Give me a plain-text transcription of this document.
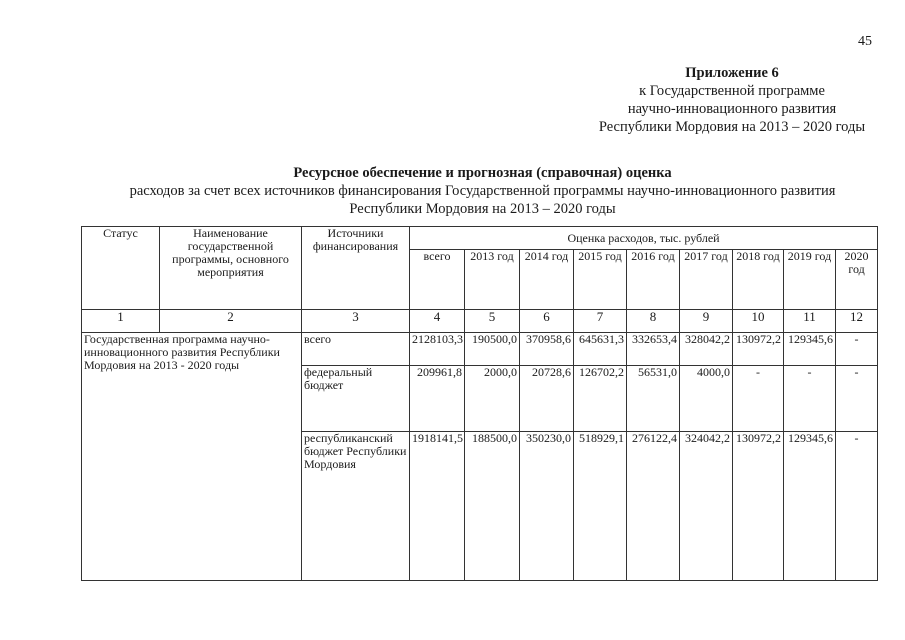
45
Приложение 6
к Государственной программе
научно-инновационного развития
Республики Мордовия на 2013 – 2020 годы
Ресурсное обеспечение и прогнозная (справочная) оценка
расходов за счет всех источников финансирования Государственной программы научно-инновационного развития
Республики Мордовия на 2013 – 2020 годы
Статус	Наименование государственной программы, основного мероприятия	Источники финансирования	Оценка расходов, тыс. рублей								
			всего	2013 год	2014 год	2015 год	2016 год	2017 год	2018 год	2019 год	2020 год
1	2	3	4	5	6	7	8	9	10	11	12
Государственная программа научно-инновационного развития Республики Мордовия на 2013 - 2020 годы		всего	2128103,3	190500,0	370958,6	645631,3	332653,4	328042,2	130972,2	129345,6	-
		федеральный бюджет	209961,8	2000,0	20728,6	126702,2	56531,0	4000,0	-	-	-
		республиканский бюджет Республики Мордовия	1918141,5	188500,0	350230,0	518929,1	276122,4	324042,2	130972,2	129345,6	-
